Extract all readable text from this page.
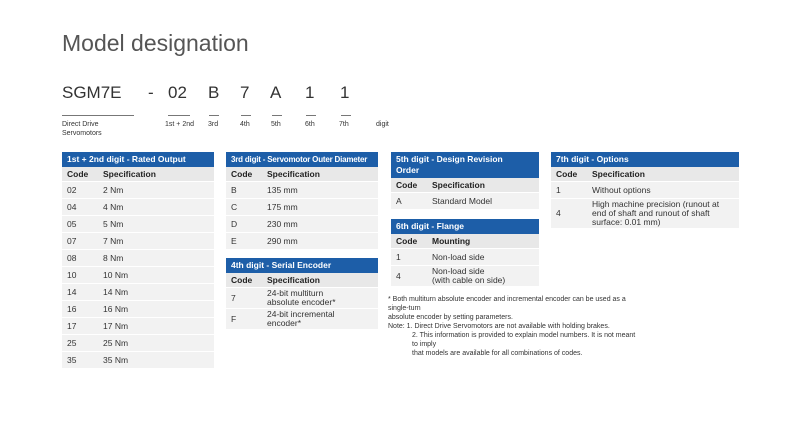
Model designation
SGM7E - 02 B 7 A 1 1
Direct Drive
Servomotors
1st + 2nd 3rd	4th	5th	6th	7th	digit
1st + 2nd digit - Rated Output	
Code	Specification
02	2 Nm
04	4 Nm
05	5 Nm
07	7 Nm
08	8 Nm
10	10 Nm
14	14 Nm
16	16 Nm
17	17 Nm
25	25 Nm
35	35 Nm
3rd digit - Servomotor Outer Diameter	
Code	Specification
B	135 mm
C	175 mm
D	230 mm
E	290 mm
4th digit - Serial Encoder	
Code	Specification
7	24-bit multiturn
absolute encoder*

F	24-bit incremental
encoder*
5th digit - Design Revision
Order	

Code	Specification
A	Standard Model
6th digit - Flange	
Code	Mounting
1	Non-load side
4	Non-load side
(with cable on side)
7th digit - Options	
Code	Specification
1	Without options
4	High machine precision (runout at
end of shaft and runout of shaft
surface: 0.01 mm)
* Both multiturn absolute encoder and incremental encoder can be used as a single-turn
absolute encoder by setting parameters.
Note: 1. Direct Drive Servomotors are not available with holding brakes.
2. This information is provided to explain model numbers. It is not meant to imply
that models are available for all combinations of codes.
